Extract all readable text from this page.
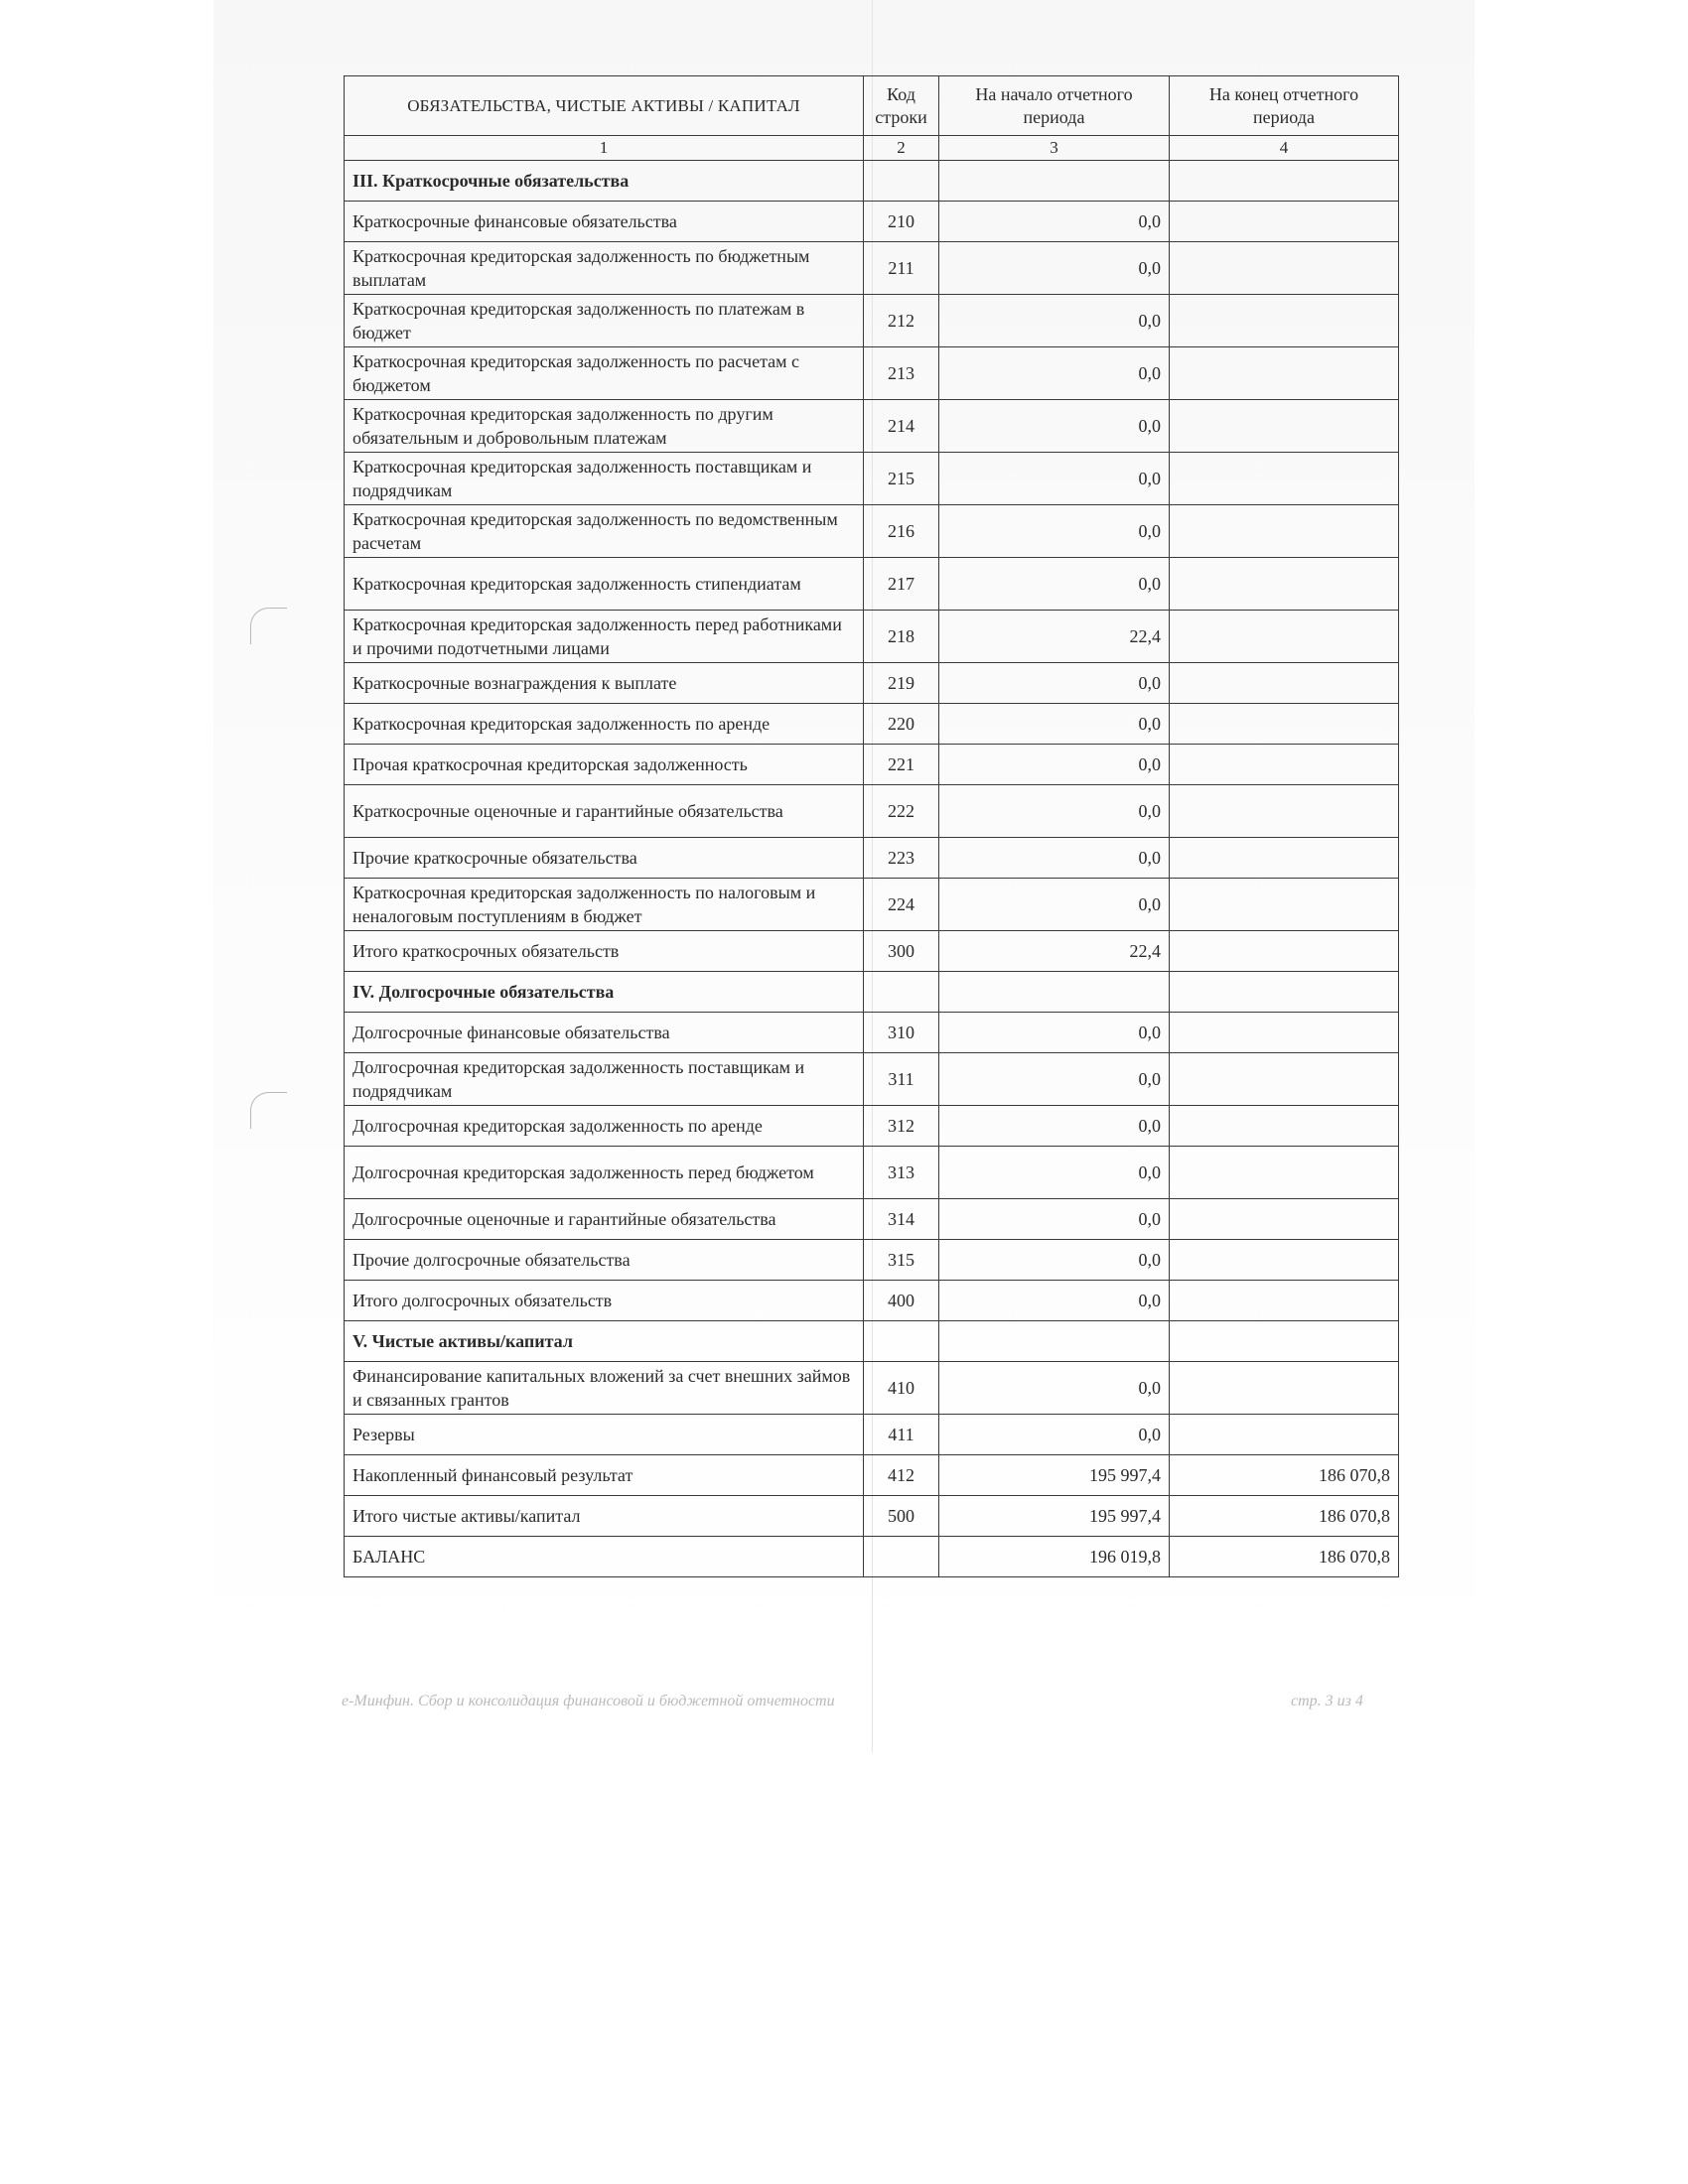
ОБЯЗАТЕЛЬСТВА, ЧИСТЫЕ АКТИВЫ / КАПИТАЛ	Код строки	На начало отчетного периода	На конец отчетного периода
1	2	3	4
III. Краткосрочные обязательства			
Краткосрочные финансовые обязательства	210	0,0	
Краткосрочная кредиторская задолженность по бюджетным выплатам	211	0,0	
Краткосрочная кредиторская задолженность по платежам в бюджет	212	0,0	
Краткосрочная кредиторская задолженность по расчетам с бюджетом	213	0,0	
Краткосрочная кредиторская задолженность по другим обязательным и добровольным платежам	214	0,0	
Краткосрочная кредиторская задолженность поставщикам и подрядчикам	215	0,0	
Краткосрочная кредиторская задолженность по ведомственным расчетам	216	0,0	
Краткосрочная кредиторская задолженность стипендиатам	217	0,0	
Краткосрочная кредиторская задолженность перед работниками и прочими подотчетными лицами	218	22,4	
Краткосрочные вознаграждения к выплате	219	0,0	
Краткосрочная кредиторская задолженность по аренде	220	0,0	
Прочая краткосрочная кредиторская задолженность	221	0,0	
Краткосрочные оценочные и гарантийные обязательства	222	0,0	
Прочие краткосрочные обязательства	223	0,0	
Краткосрочная кредиторская задолженность по налоговым и неналоговым поступлениям в бюджет	224	0,0	
Итого краткосрочных обязательств	300	22,4	
IV. Долгосрочные обязательства			
Долгосрочные финансовые обязательства	310	0,0	
Долгосрочная кредиторская задолженность поставщикам и подрядчикам	311	0,0	
Долгосрочная кредиторская задолженность по аренде	312	0,0	
Долгосрочная кредиторская задолженность перед бюджетом	313	0,0	
Долгосрочные оценочные и гарантийные обязательства	314	0,0	
Прочие долгосрочные обязательства	315	0,0	
Итого долгосрочных обязательств	400	0,0	
V. Чистые активы/капитал			
Финансирование капитальных вложений за счет внешних займов и связанных грантов	410	0,0	
Резервы	411	0,0	
Накопленный финансовый результат	412	195 997,4	186 070,8
Итого чистые активы/капитал	500	195 997,4	186 070,8
БАЛАНС		196 019,8	186 070,8
е-Минфин. Сбор и консолидация финансовой и бюджетной отчетности	стр. 3 из 4
